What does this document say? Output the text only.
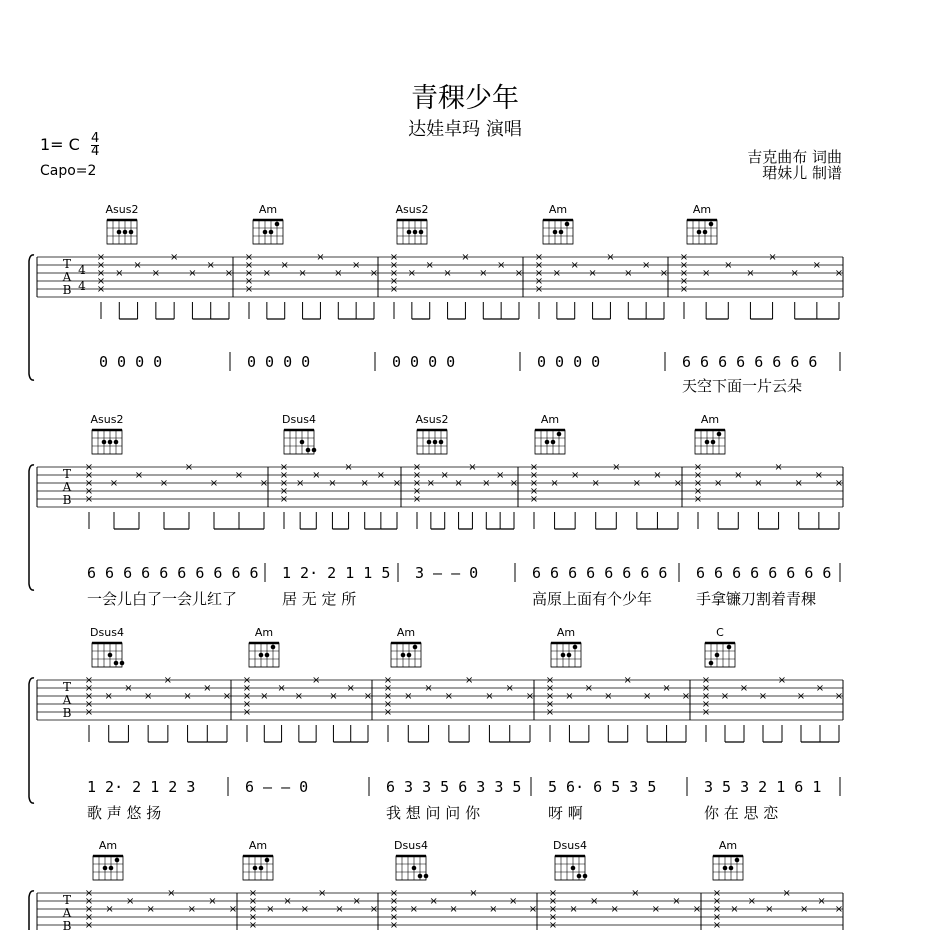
青稞少年
达娃卓玛 演唱
1= C $\frac{4}{4}$
Capo=2
吉克曲布 词曲
珺妹儿 制谱
T
A
B
4
4
×
×
×
×
×
×
×
×
×
×
×
×
×
×
×
×
×
×
×
×
×
×
×
×
×
×
×
×
×
×
×
×
×
×
×
×
×
×
×
×
×
×
×
×
×
×
×
×
×
×
×
×
×
×
×
×
×
×
×
×
Asus2	Am	Asus2	Am	Am
0 0 0 0	0 0 0 0	0 0 0 0	0 0 0 0	6 6 6 6 6 6 6 6
天空下面一片云朵
T
A
B
×
×
×
×
×
×
×
×
×
×
×
×
×
×
×
×
×
×
×
×
×
×
×
×
×
×
×
×
×
×
×
×
×
×
×
×
×
×
×
×
×
×
×
×
×
×
×
×
×
×
×
×
×
×
×
×
×
×
×
×
Asus2	Dsus4	Asus2	Am	Am
6 6 6 6 6 6 6 6 6 6
一会儿白了一会儿红了
1 2· 2 1 1 5
居 无 定 所
3 – – 0	6 6 6 6 6 6 6 6
高原上面有个少年
6 6 6 6 6 6 6 6
手拿镰刀割着青稞
T
A
B
×
×
×
×
×
×
×
×
×
×
×
×
×
×
×
×
×
×
×
×
×
×
×
×
×
×
×
×
×
×
×
×
×
×
×
×
×
×
×
×
×
×
×
×
×
×
×
×
×
×
×
×
×
×
×
×
×
×
×
×
Dsus4	Am	Am	Am	C
1 2· 2 1 2 3
歌 声 悠 扬
6 – – 0	6 3 3 5 6 3 3 5
我 想 问 问 你
5 6· 6 5 3 5
呀 啊
3 5 3 2 1 6 1
你 在 思 恋
T
A
B
×
×
×
×
×
×
×
×
×
×
×
×
×
×
×
×
×
×
×
×
×
×
×
×
×
×
×
×
×
×
×
×
×
×
×
×
×
×
×
×
×
×
×
×
×
×
×
×
×
×
×
×
×
×
×
×
×
×
×
×
Am	Am	Dsus4	Dsus4	Am
